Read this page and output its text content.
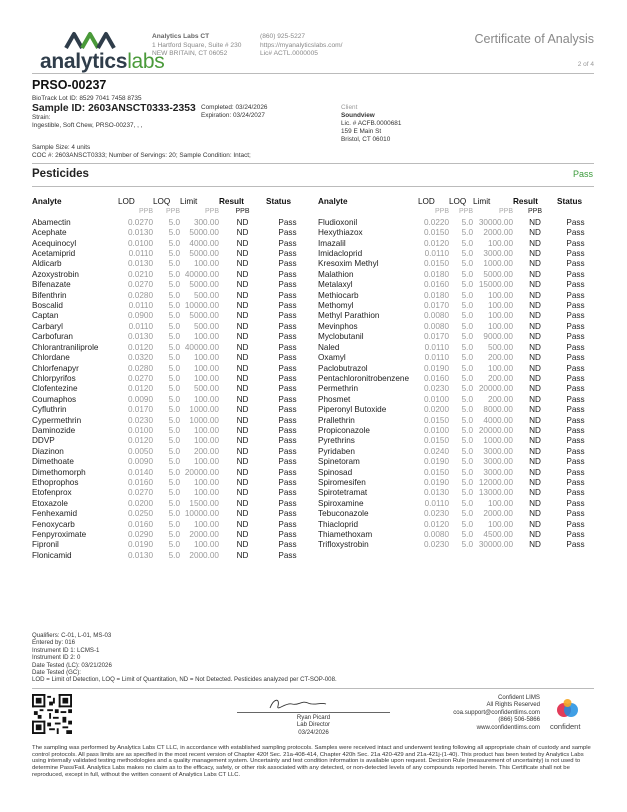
analyticslabs
Analytics Labs CT
1 Hartford Square, Suite # 230
NEW BRITAIN, CT 06052
(860) 925-5227
https://myanalyticslabs.com/
Lic# ACTL.0000005
Certificate of Analysis
2 of 4
PRSO-00237
BioTrack Lot ID: 8529 7041 7458 8735
Sample ID: 2603ANSCT0333-2353 Completed: 03/24/2026
Expiration: 03/24/2027
Strain:
Ingestible, Soft Chew, PRSO-00237, , ,
Sample Size: 4 units
COC #: 2603ANSCT0333; Number of Servings: 20; Sample Condition: Intact;
Client
Soundview
Lic. # ACFB.0000681
159 E Main St
Bristol, CT 06010
Pesticides	Pass
Analyte	LOD	LOQ	Limit	Result	Status
	PPB	PPB	PPB	PPB	
Abamectin	0.0270	5.0	300.00	ND	Pass
Acephate	0.0130	5.0	5000.00	ND	Pass
Acequinocyl	0.0100	5.0	4000.00	ND	Pass
Acetamiprid	0.0110	5.0	5000.00	ND	Pass
Aldicarb	0.0130	5.0	100.00	ND	Pass
Azoxystrobin	0.0210	5.0	40000.00	ND	Pass
Bifenazate	0.0270	5.0	5000.00	ND	Pass
Bifenthrin	0.0280	5.0	500.00	ND	Pass
Boscalid	0.0110	5.0	10000.00	ND	Pass
Captan	0.0900	5.0	5000.00	ND	Pass
Carbaryl	0.0110	5.0	500.00	ND	Pass
Carbofuran	0.0130	5.0	100.00	ND	Pass
Chlorantraniliprole	0.0120	5.0	40000.00	ND	Pass
Chlordane	0.0320	5.0	100.00	ND	Pass
Chlorfenapyr	0.0280	5.0	100.00	ND	Pass
Chlorpyrifos	0.0270	5.0	100.00	ND	Pass
Clofentezine	0.0120	5.0	500.00	ND	Pass
Coumaphos	0.0090	5.0	100.00	ND	Pass
Cyfluthrin	0.0170	5.0	1000.00	ND	Pass
Cypermethrin	0.0230	5.0	1000.00	ND	Pass
Daminozide	0.0100	5.0	100.00	ND	Pass
DDVP	0.0120	5.0	100.00	ND	Pass
Diazinon	0.0050	5.0	200.00	ND	Pass
Dimethoate	0.0090	5.0	100.00	ND	Pass
Dimethomorph	0.0140	5.0	20000.00	ND	Pass
Ethoprophos	0.0160	5.0	100.00	ND	Pass
Etofenprox	0.0270	5.0	100.00	ND	Pass
Etoxazole	0.0200	5.0	1500.00	ND	Pass
Fenhexamid	0.0250	5.0	10000.00	ND	Pass
Fenoxycarb	0.0160	5.0	100.00	ND	Pass
Fenpyroximate	0.0290	5.0	2000.00	ND	Pass
Fipronil	0.0190	5.0	100.00	ND	Pass
Flonicamid	0.0130	5.0	2000.00	ND	Pass
Analyte	LOD	LOQ	Limit	Result	Status
	PPB	PPB	PPB	PPB	
Fludioxonil	0.0220	5.0	30000.00	ND	Pass
Hexythiazox	0.0150	5.0	2000.00	ND	Pass
Imazalil	0.0120	5.0	100.00	ND	Pass
Imidacloprid	0.0110	5.0	3000.00	ND	Pass
Kresoxim Methyl	0.0150	5.0	1000.00	ND	Pass
Malathion	0.0180	5.0	5000.00	ND	Pass
Metalaxyl	0.0160	5.0	15000.00	ND	Pass
Methiocarb	0.0180	5.0	100.00	ND	Pass
Methomyl	0.0170	5.0	100.00	ND	Pass
Methyl Parathion	0.0080	5.0	100.00	ND	Pass
Mevinphos	0.0080	5.0	100.00	ND	Pass
Myclobutanil	0.0170	5.0	9000.00	ND	Pass
Naled	0.0110	5.0	500.00	ND	Pass
Oxamyl	0.0110	5.0	200.00	ND	Pass
Paclobutrazol	0.0190	5.0	100.00	ND	Pass
Pentachloronitrobenzene	0.0160	5.0	200.00	ND	Pass
Permethrin	0.0230	5.0	20000.00	ND	Pass
Phosmet	0.0100	5.0	200.00	ND	Pass
Piperonyl Butoxide	0.0200	5.0	8000.00	ND	Pass
Prallethrin	0.0150	5.0	4000.00	ND	Pass
Propiconazole	0.0100	5.0	20000.00	ND	Pass
Pyrethrins	0.0150	5.0	1000.00	ND	Pass
Pyridaben	0.0240	5.0	3000.00	ND	Pass
Spinetoram	0.0190	5.0	3000.00	ND	Pass
Spinosad	0.0150	5.0	3000.00	ND	Pass
Spiromesifen	0.0190	5.0	12000.00	ND	Pass
Spirotetramat	0.0130	5.0	13000.00	ND	Pass
Spiroxamine	0.0110	5.0	100.00	ND	Pass
Tebuconazole	0.0230	5.0	2000.00	ND	Pass
Thiacloprid	0.0120	5.0	100.00	ND	Pass
Thiamethoxam	0.0080	5.0	4500.00	ND	Pass
Trifloxystrobin	0.0230	5.0	30000.00	ND	Pass
Qualifiers: C-01, L-01, MS-03
Entered by: 016
Instrument ID 1: LCMS-1
Instrument ID 2: 0
Date Tested (LC): 03/21/2026
Date Tested (GC):
LOD = Limit of Detection, LOQ = Limit of Quantitation, ND = Not Detected. Pesticides analyzed per CT-SOP-008.
Ryan Picard
Lab Director
03/24/2026
Confident LIMS
All Rights Reserved
coa.support@confidentlims.com
(866) 506-5866
www.confidentlims.com confident
The sampling was performed by Analytics Labs CT LLC, in accordance with established sampling protocols. Samples were received intact and underwent testing following all appropriate chain of custody and sample control protocols. All pass limits are as specified in the most recent version of Chapter 420f Sec. 21a-408-414, Chapter 420h Sec. 21a 420-429 and 21a-421j-(1-40). This product has been tested by Analytics Labs using internally validated testing methodologies and a quality management system. Uncertainty and test condition information is available upon request. Decision Rule (measurement of uncertainty) is not used to determine Pass/Fail. Analytics Labs makes no claim as to the efficacy, safety, or other risk associated with any detected, or non-detected levels of any compounds reported herein. This Certificate shall not be reproduced, except in full, without the written consent of Analytics Labs CT LLC.
